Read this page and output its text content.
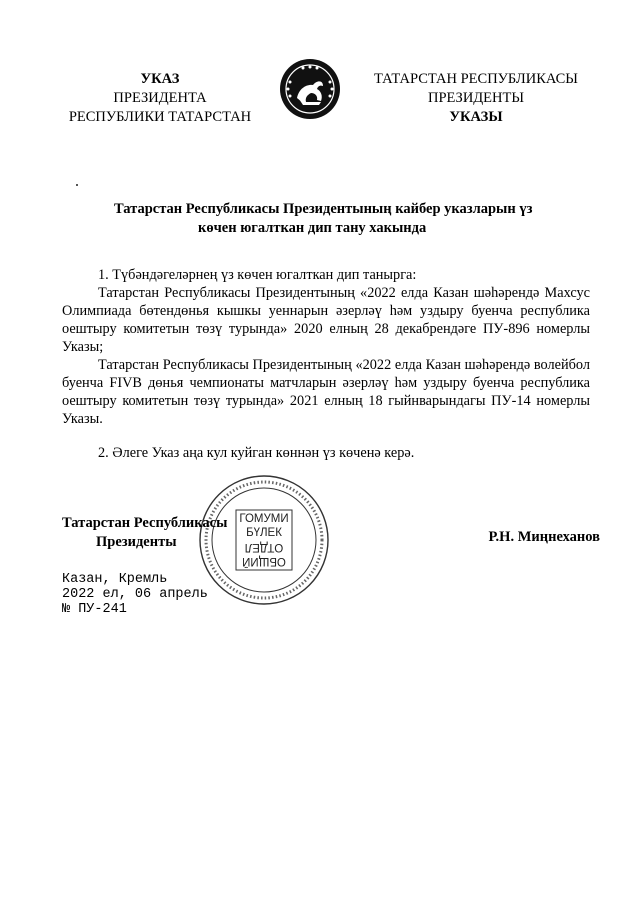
УКАЗ
ПРЕЗИДЕНТА
РЕСПУБЛИКИ ТАТАРСТАН
ТАТАРСТАН РЕСПУБЛИКАСЫ
ПРЕЗИДЕНТЫ
УКАЗЫ
Татарстан Республикасы Президентының кайбер указларын үз
көчен югалткан дип тану хакында

1. Түбәндәгеләрнең үз көчен югалткан дип танырга:

Татарстан Республикасы Президентының «2022 елда Казан шәһәрендә Махсус Олимпиада бөтендөнья кышкы уеннарын әзерләү һәм уздыру буенча республика оештыру комитетын төзү турында» 2020 елның 28 декабрендәге ПУ-896 номерлы Указы;

Татарстан Республикасы Президентының «2022 елда Казан шәһәрендә волейбол буенча FIVB дөнья чемпионаты матчларын әзерләү һәм уздыру буенча республика оештыру комитетын төзү турында» 2021 елның 18 гыйнварындагы ПУ-14 номерлы Указы.

2. Әлеге Указ аңа кул куйган көннән үз көченә керә.

ГОМУМИ
БҮЛЕК
ОТДЕЛ
ОБЩИЙ
Татарстан Республикасы
Президенты	Р.Н. Миңнеханов
Казан, Кремль
2022 ел, 06 апрель
№ ПУ-241
